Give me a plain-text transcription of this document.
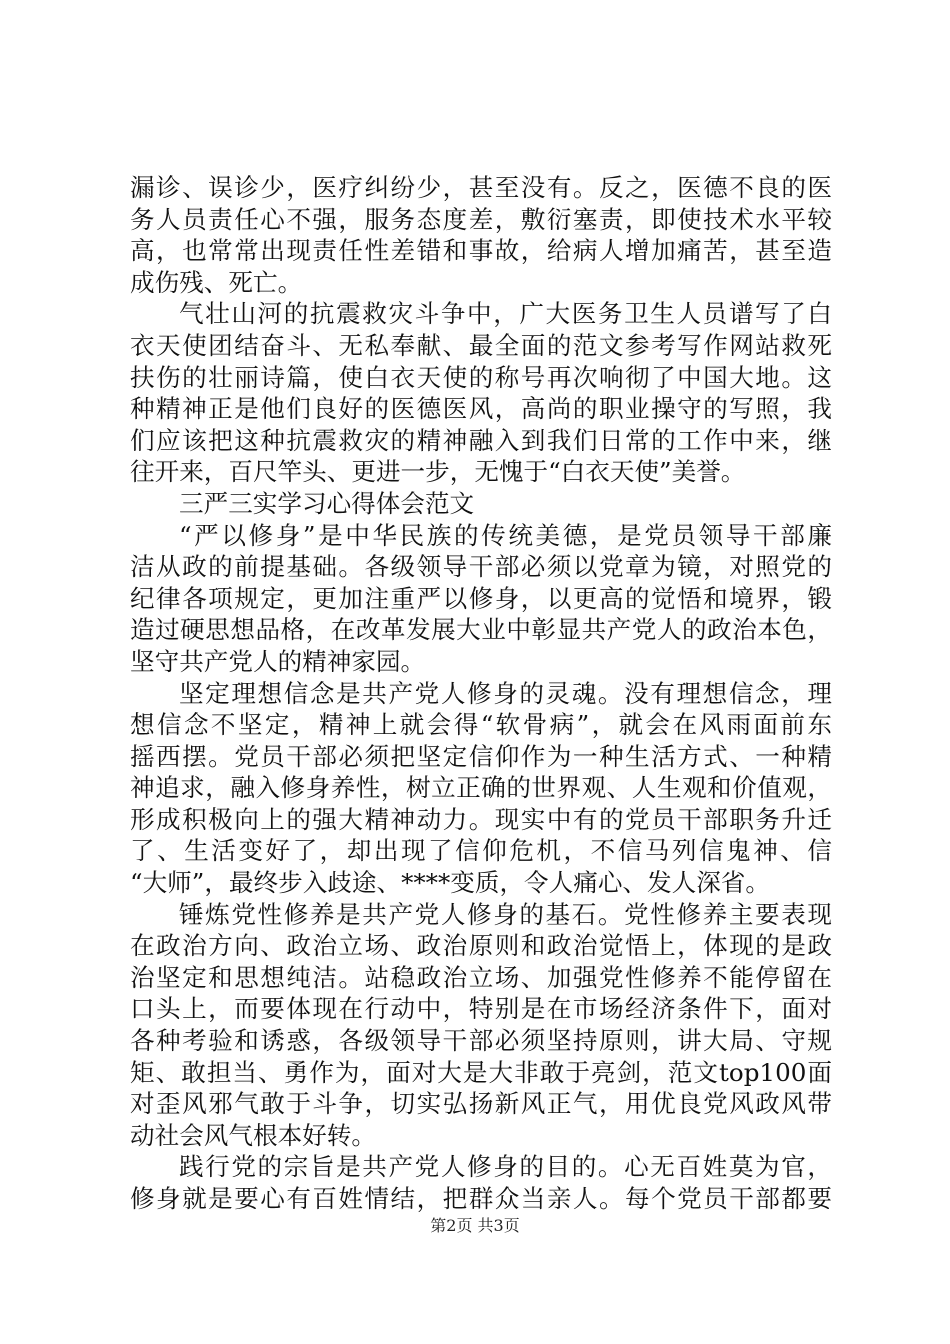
漏诊、误诊少，医疗纠纷少，甚至没有。反之，医德不良的医
务人员责任心不强，服务态度差，敷衍塞责，即使技术水平较
高，也常常出现责任性差错和事故，给病人增加痛苦，甚至造
成伤残、死亡。
气壮山河的抗震救灾斗争中，广大医务卫生人员谱写了白
衣天使团结奋斗、无私奉献、最全面的范文参考写作网站救死
扶伤的壮丽诗篇，使白衣天使的称号再次响彻了中国大地。这
种精神正是他们良好的医德医风，高尚的职业操守的写照，我
们应该把这种抗震救灾的精神融入到我们日常的工作中来，继
往开来，百尺竿头、更进一步，无愧于“白衣天使”美誉。
三严三实学习心得体会范文
“严以修身”是中华民族的传统美德，是党员领导干部廉
洁从政的前提基础。各级领导干部必须以党章为镜，对照党的
纪律各项规定，更加注重严以修身，以更高的觉悟和境界，锻
造过硬思想品格，在改革发展大业中彰显共产党人的政治本色，
坚守共产党人的精神家园。
坚定理想信念是共产党人修身的灵魂。没有理想信念，理
想信念不坚定，精神上就会得“软骨病”，就会在风雨面前东
摇西摆。党员干部必须把坚定信仰作为一种生活方式、一种精
神追求，融入修身养性，树立正确的世界观、人生观和价值观，
形成积极向上的强大精神动力。现实中有的党员干部职务升迁
了、生活变好了，却出现了信仰危机，不信马列信鬼神、信
“大师”，最终步入歧途、****变质，令人痛心、发人深省。
锤炼党性修养是共产党人修身的基石。党性修养主要表现
在政治方向、政治立场、政治原则和政治觉悟上，体现的是政
治坚定和思想纯洁。站稳政治立场、加强党性修养不能停留在
口头上，而要体现在行动中，特别是在市场经济条件下，面对
各种考验和诱惑，各级领导干部必须坚持原则，讲大局、守规
矩、敢担当、勇作为，面对大是大非敢于亮剑，范文top100面
对歪风邪气敢于斗争，切实弘扬新风正气，用优良党风政风带
动社会风气根本好转。
践行党的宗旨是共产党人修身的目的。心无百姓莫为官，
修身就是要心有百姓情结，把群众当亲人。每个党员干部都要
第2页 共3页
